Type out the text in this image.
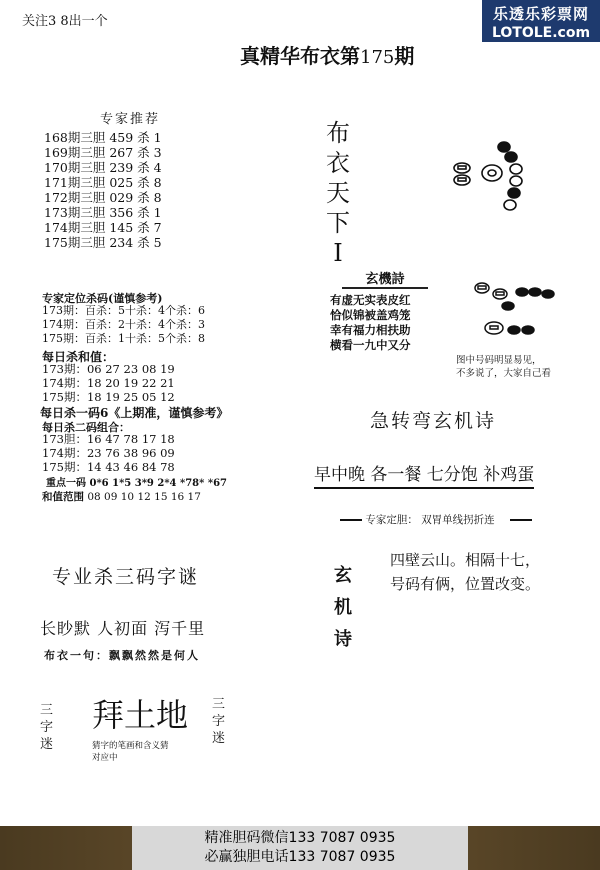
关注3 8出一个
真精华布衣第175期
乐透乐彩票网
LOTOLE.com
专家推荐
168期三胆 459 杀 1
169期三胆 267 杀 3
170期三胆 239 杀 4
171期三胆 025 杀 8
172期三胆 029 杀 8
173期三胆 356 杀 1
174期三胆 145 杀 7
175期三胆 234 杀 5
专家定位杀码(谨慎参考)
173期：百杀：5十杀：4个杀：6
174期：百杀：2十杀：4个杀：3
175期：百杀：1十杀：5个杀：8
每日杀和值：
173期：06 27 23 08 19
174期：18 20 19 22 21
175期：18 19 25 05 12
每日杀一码6《上期准，谨慎参考》
每日杀二码组合：
173胆：16 47 78 17 18
174期：23 76 38 96 09
175期：14 43 46 84 78
重点一码 0*6 1*5 3*9 2*4 *78* *67
和值范围 08 09 10 12 15 16 17
布
衣
天
下
I
玄機詩
有虚无实表皮红
恰似锦被盖鸡笼
幸有福力相扶助
横看一九中又分
图中号码明显易见，
不多说了，大家自己看
急转弯玄机诗
早中晚 各一餐 七分饱 补鸡蛋
专家定胆： 双胃单线拐折连
玄
机
诗
四壁云山。相隔十七，
号码有俩，位置改变。
专业杀三码字谜
长眇默 人初面 泻千里
布衣一句：飘飘然然是何人
三
字
迷
拜土地 三
字
迷
猜字的笔画和含义猜
对应中
精准胆码微信133 7087 0935
必赢独胆电话133 7087 0935
